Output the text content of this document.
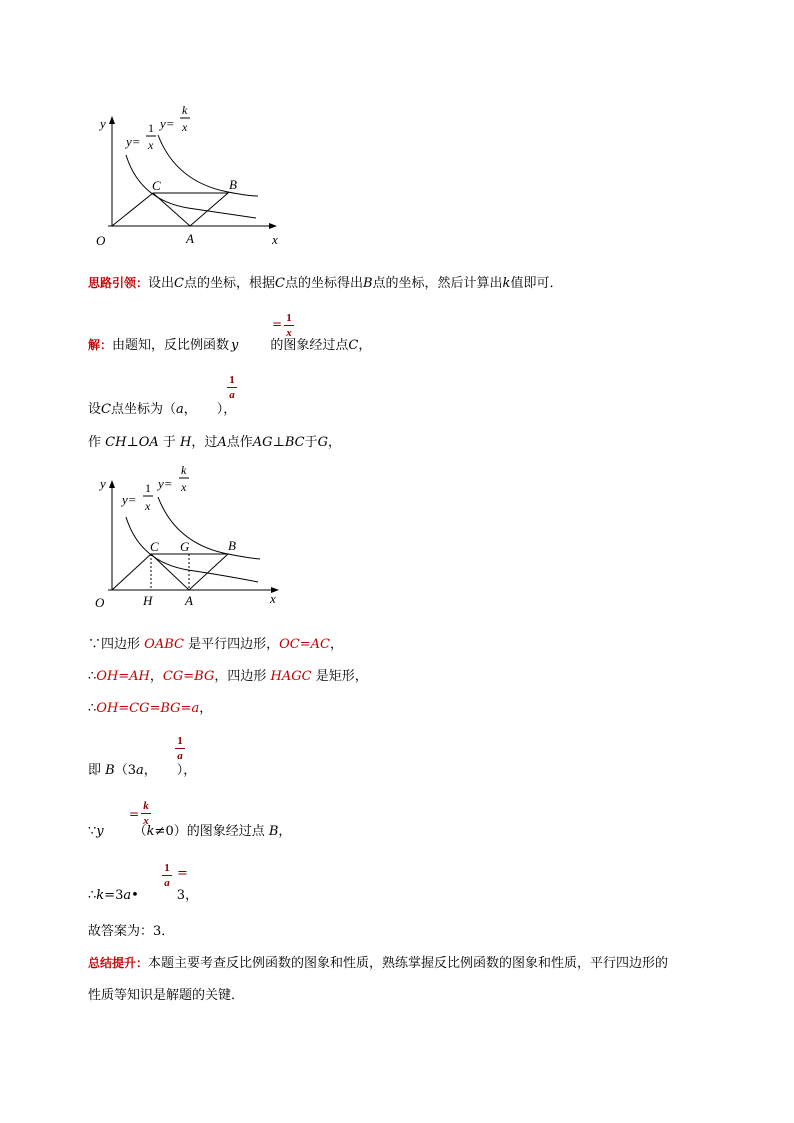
y
x
O
y=
1
x
y=
k
x
C	B
A
思路引领：设出C点的坐标，根据C点的坐标得出B点的坐标，然后计算出k值即可．
解：由题知，反比例函数 y 的图象经过点C，
= 1
x
设C点坐标为（a， ），
1
a
作 CH⊥OA 于 H，过A点作AG⊥BC于G，
y
x
O
y=
1
x
y=
k
x
C G	B
H	A
∵四边形 OABC 是平行四边形，OC=AC，
∴OH=AH，CG=BG，四边形 HAGC 是矩形，
∴OH=CG=BG=a，
即 B（3a， ），
1
a
∵y （k≠0）的图象经过点 B，
=
k
x
∴k=3a•	3，
1
a
=
故答案为：3．
总结提升：本题主要考查反比例函数的图象和性质，熟练掌握反比例函数的图象和性质，平行四边形的
性质等知识是解题的关键．
